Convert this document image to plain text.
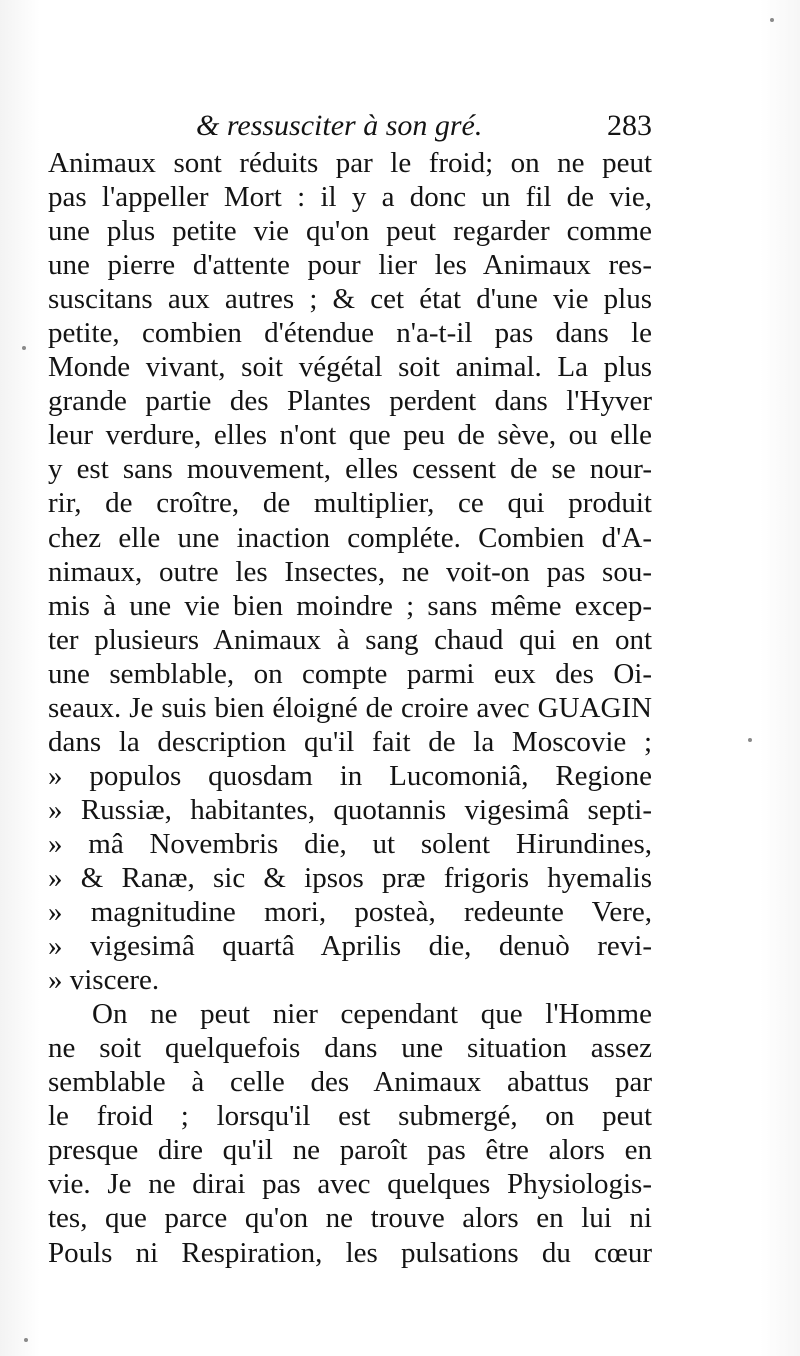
& ressusciter à son gré.	283
Animaux sont réduits par le froid; on ne peut
pas l'appeller Mort : il y a donc un fil de vie,
une plus petite vie qu'on peut regarder comme
une pierre d'attente pour lier les Animaux res-
suscitans aux autres ; & cet état d'une vie plus
petite, combien d'étendue n'a-t-il pas dans le
Monde vivant, soit végétal soit animal. La plus
grande partie des Plantes perdent dans l'Hyver
leur verdure, elles n'ont que peu de sève, ou elle
y est sans mouvement, elles cessent de se nour-
rir, de croître, de multiplier, ce qui produit
chez elle une inaction compléte. Combien d'A-
nimaux, outre les Insectes, ne voit-on pas sou-
mis à une vie bien moindre ; sans même excep-
ter plusieurs Animaux à sang chaud qui en ont
une semblable, on compte parmi eux des Oi-
seaux. Je suis bien éloigné de croire avec GUAGIN
dans la description qu'il fait de la Moscovie ;
» populos quosdam in Lucomoniâ, Regione
» Russiæ, habitantes, quotannis vigesimâ septi-
» mâ Novembris die, ut solent Hirundines,
» & Ranæ, sic & ipsos præ frigoris hyemalis
» magnitudine mori, posteà, redeunte Vere,
» vigesimâ quartâ Aprilis die, denuò revi-
» viscere.
On ne peut nier cependant que l'Homme
ne soit quelquefois dans une situation assez
semblable à celle des Animaux abattus par
le froid ; lorsqu'il est submergé, on peut
presque dire qu'il ne paroît pas être alors en
vie. Je ne dirai pas avec quelques Physiologis-
tes, que parce qu'on ne trouve alors en lui ni
Pouls ni Respiration, les pulsations du cœur
